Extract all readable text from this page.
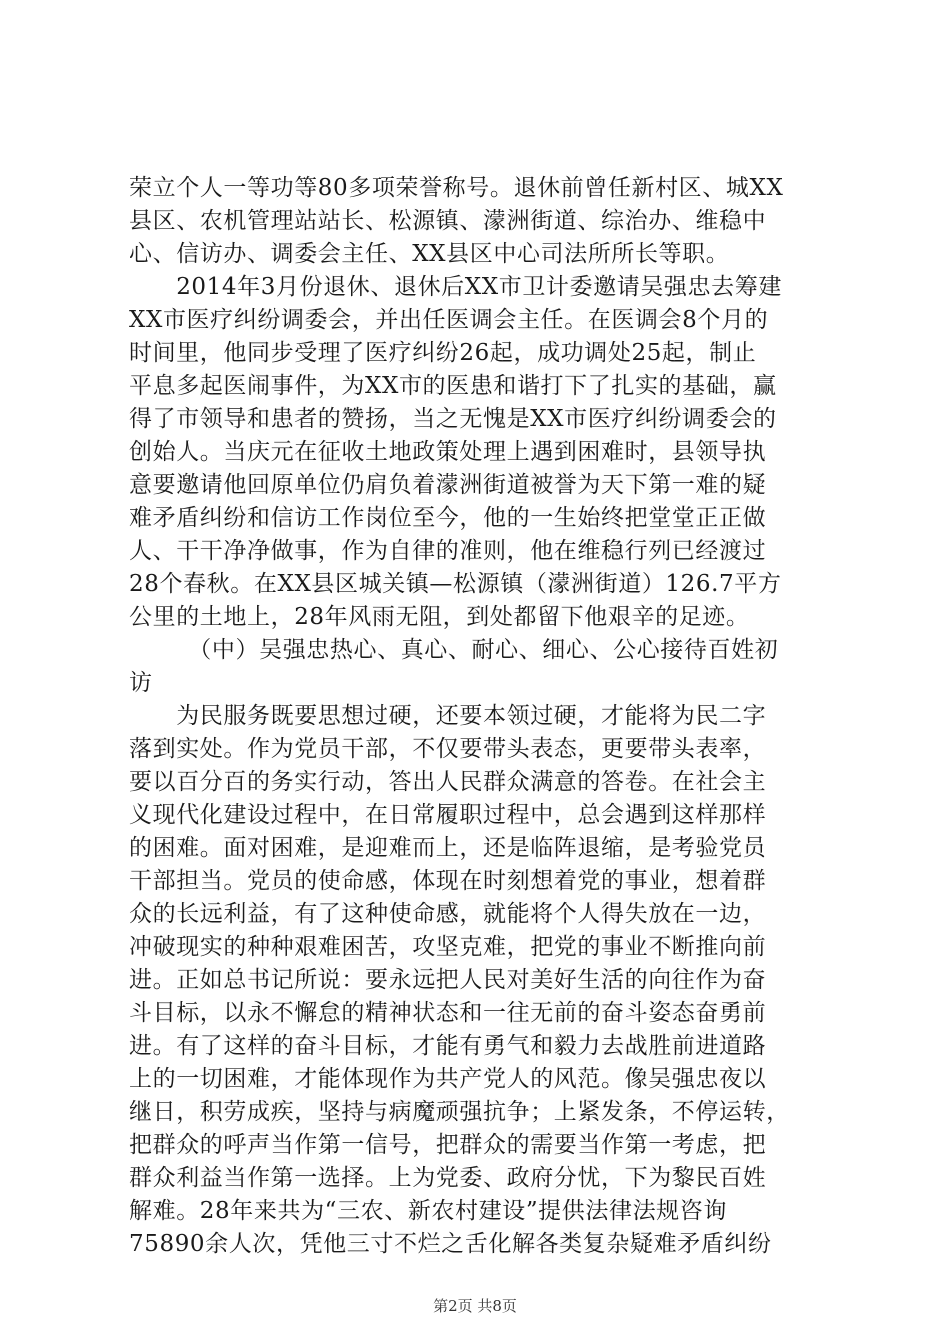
荣立个人一等功等80多项荣誉称号。退休前曾任新村区、城XX
县区、农机管理站站长、松源镇、濛洲街道、综治办、维稳中
心、信访办、调委会主任、XX县区中心司法所所长等职。
　　2014年3月份退休、退休后XX市卫计委邀请吴强忠去筹建
XX市医疗纠纷调委会，并出任医调会主任。在医调会8个月的
时间里，他同步受理了医疗纠纷26起，成功调处25起，制止
平息多起医闹事件，为XX市的医患和谐打下了扎实的基础，赢
得了市领导和患者的赞扬，当之无愧是XX市医疗纠纷调委会的
创始人。当庆元在征收土地政策处理上遇到困难时，县领导执
意要邀请他回原单位仍肩负着濛洲街道被誉为天下第一难的疑
难矛盾纠纷和信访工作岗位至今，他的一生始终把堂堂正正做
人、干干净净做事，作为自律的准则，他在维稳行列已经渡过
28个春秋。在XX县区城关镇—松源镇（濛洲街道）126.7平方
公里的土地上，28年风雨无阻，到处都留下他艰辛的足迹。
　　　（中）吴强忠热心、真心、耐心、细心、公心接待百姓初
访
　　为民服务既要思想过硬，还要本领过硬，才能将为民二字
落到实处。作为党员干部，不仅要带头表态，更要带头表率，
要以百分百的务实行动，答出人民群众满意的答卷。在社会主
义现代化建设过程中，在日常履职过程中，总会遇到这样那样
的困难。面对困难，是迎难而上，还是临阵退缩，是考验党员
干部担当。党员的使命感，体现在时刻想着党的事业，想着群
众的长远利益，有了这种使命感，就能将个人得失放在一边，
冲破现实的种种艰难困苦，攻坚克难，把党的事业不断推向前
进。正如总书记所说：要永远把人民对美好生活的向往作为奋
斗目标，以永不懈怠的精神状态和一往无前的奋斗姿态奋勇前
进。有了这样的奋斗目标，才能有勇气和毅力去战胜前进道路
上的一切困难，才能体现作为共产党人的风范。像吴强忠夜以
继日，积劳成疾，坚持与病魔顽强抗争；上紧发条，不停运转，
把群众的呼声当作第一信号，把群众的需要当作第一考虑，把
群众利益当作第一选择。上为党委、政府分忧，下为黎民百姓
解难。28年来共为“三农、新农村建设”提供法律法规咨询
75890余人次，凭他三寸不烂之舌化解各类复杂疑难矛盾纠纷
第2页 共8页
